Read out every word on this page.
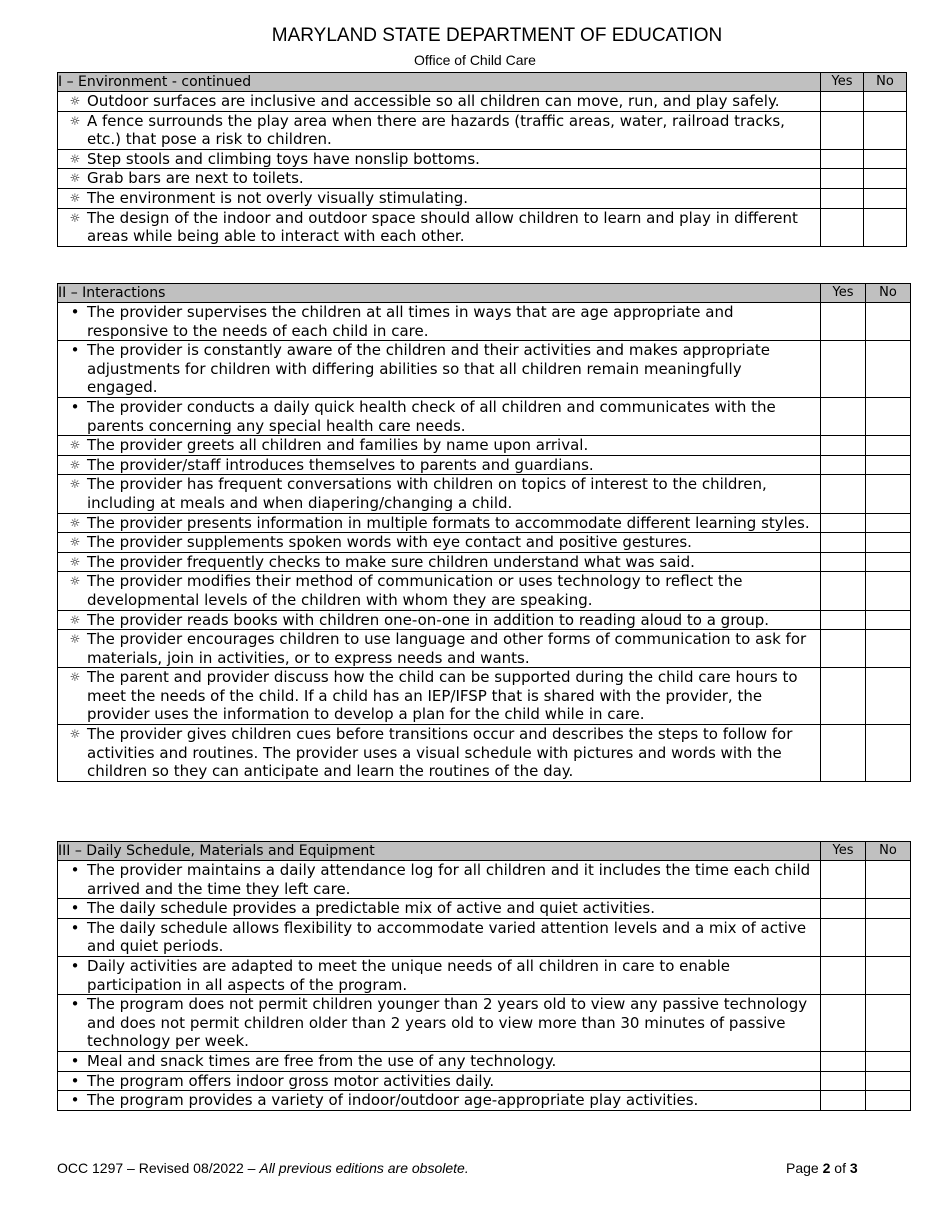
MARYLAND STATE DEPARTMENT OF EDUCATION
Office of Child Care
I – Environment - continued	Yes	No

☼ Outdoor surfaces are inclusive and accessible so all children can move, run, and play safely.		

☼ A fence surrounds the play area when there are hazards (traffic areas, water, railroad tracks, etc.) that pose a risk to children.		

☼ Step stools and climbing toys have nonslip bottoms.		

☼ Grab bars are next to toilets.		

☼ The environment is not overly visually stimulating.		

☼ The design of the indoor and outdoor space should allow children to learn and play in different areas while being able to interact with each other.		

II – Interactions	Yes	No

• The provider supervises the children at all times in ways that are age appropriate and responsive to the needs of each child in care.		

• The provider is constantly aware of the children and their activities and makes appropriate adjustments for children with differing abilities so that all children remain meaningfully engaged.		

• The provider conducts a daily quick health check of all children and communicates with the parents concerning any special health care needs.		

☼ The provider greets all children and families by name upon arrival.		

☼ The provider/staff introduces themselves to parents and guardians.		

☼ The provider has frequent conversations with children on topics of interest to the children, including at meals and when diapering/changing a child.		

☼ The provider presents information in multiple formats to accommodate different learning styles.		

☼ The provider supplements spoken words with eye contact and positive gestures.		

☼ The provider frequently checks to make sure children understand what was said.		

☼ The provider modifies their method of communication or uses technology to reflect the developmental levels of the children with whom they are speaking.		

☼ The provider reads books with children one-on-one in addition to reading aloud to a group.		

☼ The provider encourages children to use language and other forms of communication to ask for materials, join in activities, or to express needs and wants.		

☼ The parent and provider discuss how the child can be supported during the child care hours to meet the needs of the child. If a child has an IEP/IFSP that is shared with the provider, the provider uses the information to develop a plan for the child while in care.		

☼ The provider gives children cues before transitions occur and describes the steps to follow for activities and routines. The provider uses a visual schedule with pictures and words with the children so they can anticipate and learn the routines of the day.		

III – Daily Schedule, Materials and Equipment	Yes	No

• The provider maintains a daily attendance log for all children and it includes the time each child arrived and the time they left care.		

• The daily schedule provides a predictable mix of active and quiet activities.		

• The daily schedule allows flexibility to accommodate varied attention levels and a mix of active and quiet periods.		

• Daily activities are adapted to meet the unique needs of all children in care to enable participation in all aspects of the program.		

• The program does not permit children younger than 2 years old to view any passive technology and does not permit children older than 2 years old to view more than 30 minutes of passive technology per week.		

• Meal and snack times are free from the use of any technology.		

• The program offers indoor gross motor activities daily.		

• The program provides a variety of indoor/outdoor age-appropriate play activities.		

OCC 1297 – Revised 08/2022 – All previous editions are obsolete.	Page 2 of 3
